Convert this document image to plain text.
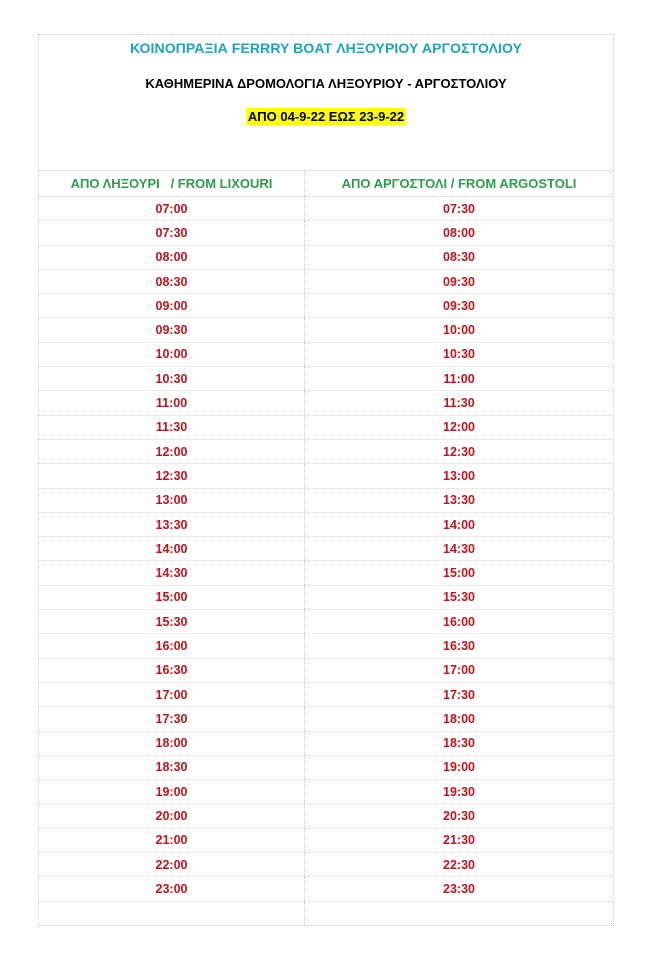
ΚΟΙΝΟΠΡΑΞΙΑ FERRRY BOAT ΛΗΞΟΥΡΙΟΥ ΑΡΓΟΣΤΟΛΙΟΥ
ΚΑΘΗΜΕΡΙΝΑ ΔΡΟΜΟΛΟΓΙΑ ΛΗΞΟΥΡΙΟΥ - ΑΡΓΟΣΤΟΛΙΟΥ
ΑΠΟ 04-9-22 ΕΩΣ 23-9-22
ΑΠΟ ΛΗΞΟΥΡΙ   / FROM LIXOURI	ΑΠΟ ΑΡΓΟΣΤΟΛΙ / FROM ARGOSTOLI
07:00	07:30
07:30	08:00
08:00	08:30
08:30	09:30
09:00	09:30
09:30	10:00
10:00	10:30
10:30	11:00
11:00	11:30
11:30	12:00
12:00	12:30
12:30	13:00
13:00	13:30
13:30	14:00
14:00	14:30
14:30	15:00
15:00	15:30
15:30	16:00
16:00	16:30
16:30	17:00
17:00	17:30
17:30	18:00
18:00	18:30
18:30	19:00
19:00	19:30
20:00	20:30
21:00	21:30
22:00	22:30
23:00	23:30
